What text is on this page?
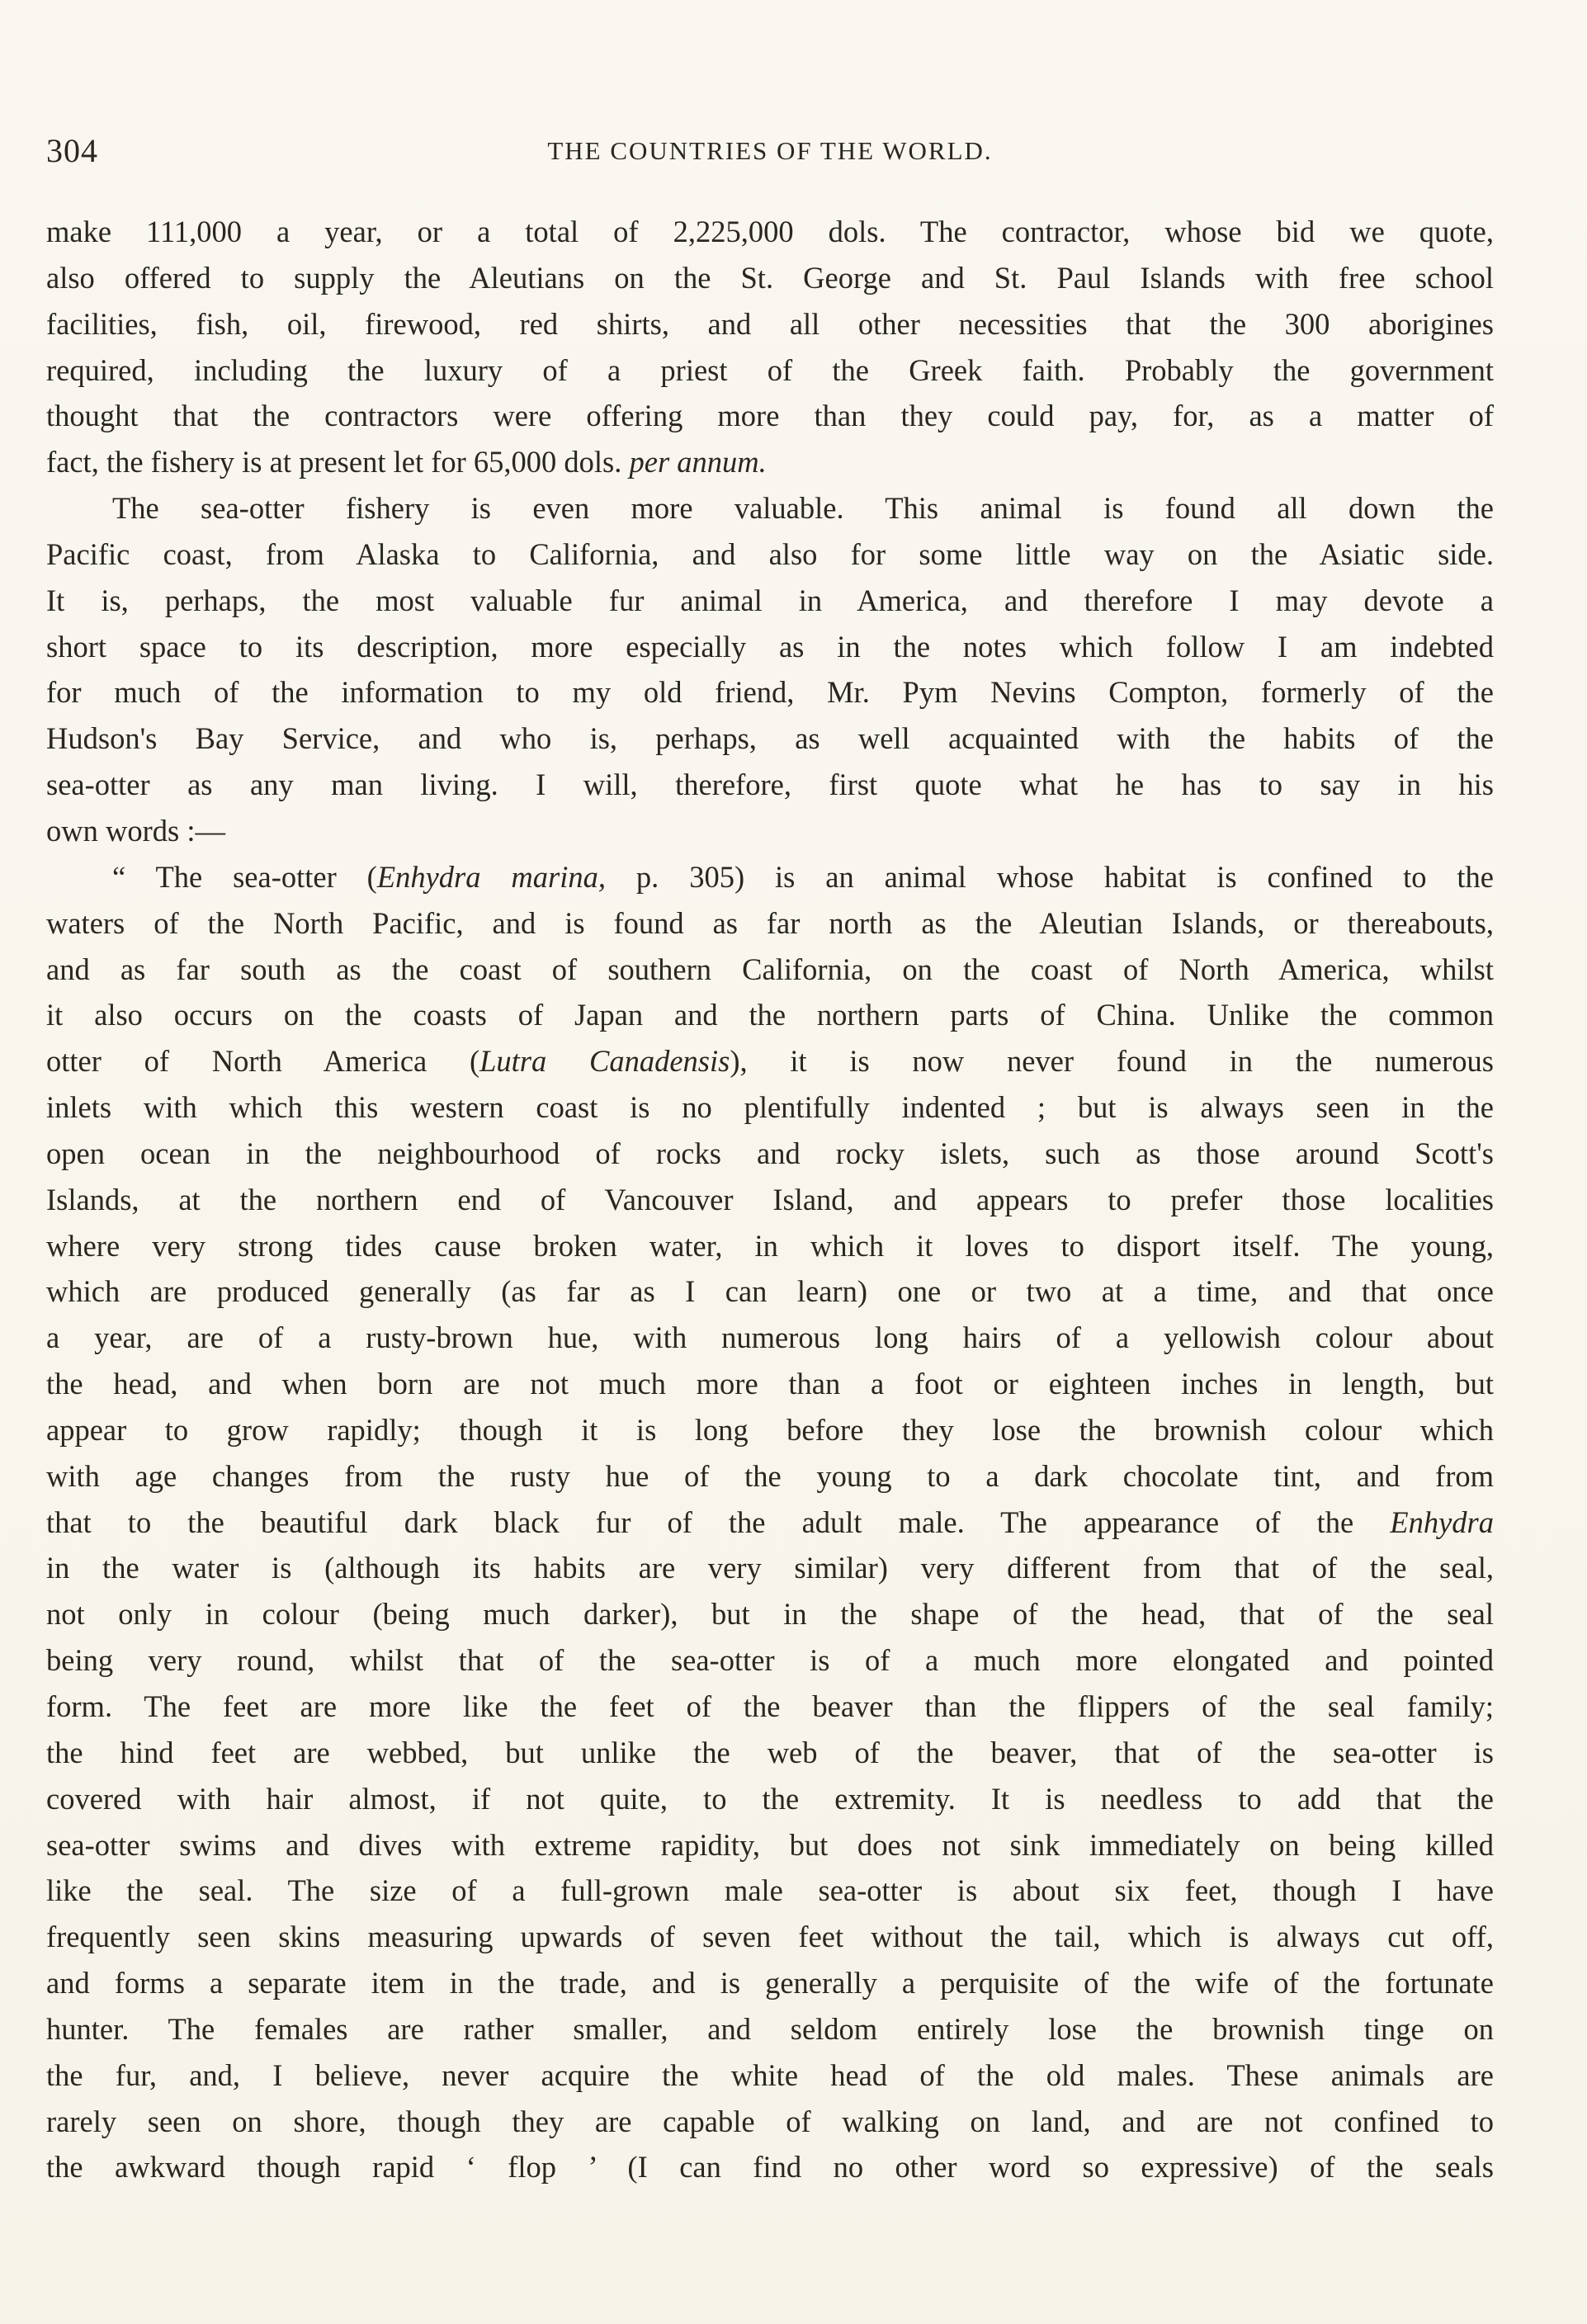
304	THE COUNTRIES OF THE WORLD.
make 111,000 a year, or a total of 2,225,000 dols. The contractor, whose bid we quote,
also offered to supply the Aleutians on the St. George and St. Paul Islands with free school
facilities, fish, oil, firewood, red shirts, and all other necessities that the 300 aborigines
required, including the luxury of a priest of the Greek faith. Probably the government
thought that the contractors were offering more than they could pay, for, as a matter of
fact, the fishery is at present let for 65,000 dols. per annum.
The sea-otter fishery is even more valuable. This animal is found all down the
Pacific coast, from Alaska to California, and also for some little way on the Asiatic side.
It is, perhaps, the most valuable fur animal in America, and therefore I may devote a
short space to its description, more especially as in the notes which follow I am indebted
for much of the information to my old friend, Mr. Pym Nevins Compton, formerly of the
Hudson's Bay Service, and who is, perhaps, as well acquainted with the habits of the
sea-otter as any man living. I will, therefore, first quote what he has to say in his
own words :—
“ The sea-otter (Enhydra marina, p. 305) is an animal whose habitat is confined to the
waters of the North Pacific, and is found as far north as the Aleutian Islands, or thereabouts,
and as far south as the coast of southern California, on the coast of North America, whilst
it also occurs on the coasts of Japan and the northern parts of China. Unlike the common
otter of North America (Lutra Canadensis), it is now never found in the numerous
inlets with which this western coast is no plentifully indented ; but is always seen in the
open ocean in the neighbourhood of rocks and rocky islets, such as those around Scott's
Islands, at the northern end of Vancouver Island, and appears to prefer those localities
where very strong tides cause broken water, in which it loves to disport itself. The young,
which are produced generally (as far as I can learn) one or two at a time, and that once
a year, are of a rusty-brown hue, with numerous long hairs of a yellowish colour about
the head, and when born are not much more than a foot or eighteen inches in length, but
appear to grow rapidly; though it is long before they lose the brownish colour which
with age changes from the rusty hue of the young to a dark chocolate tint, and from
that to the beautiful dark black fur of the adult male. The appearance of the Enhydra
in the water is (although its habits are very similar) very different from that of the seal,
not only in colour (being much darker), but in the shape of the head, that of the seal
being very round, whilst that of the sea-otter is of a much more elongated and pointed
form. The feet are more like the feet of the beaver than the flippers of the seal family;
the hind feet are webbed, but unlike the web of the beaver, that of the sea-otter is
covered with hair almost, if not quite, to the extremity. It is needless to add that the
sea-otter swims and dives with extreme rapidity, but does not sink immediately on being killed
like the seal. The size of a full-grown male sea-otter is about six feet, though I have
frequently seen skins measuring upwards of seven feet without the tail, which is always cut off,
and forms a separate item in the trade, and is generally a perquisite of the wife of the fortunate
hunter. The females are rather smaller, and seldom entirely lose the brownish tinge on
the fur, and, I believe, never acquire the white head of the old males. These animals are
rarely seen on shore, though they are capable of walking on land, and are not confined to
the awkward though rapid ‘ flop ’ (I can find no other word so expressive) of the seals
